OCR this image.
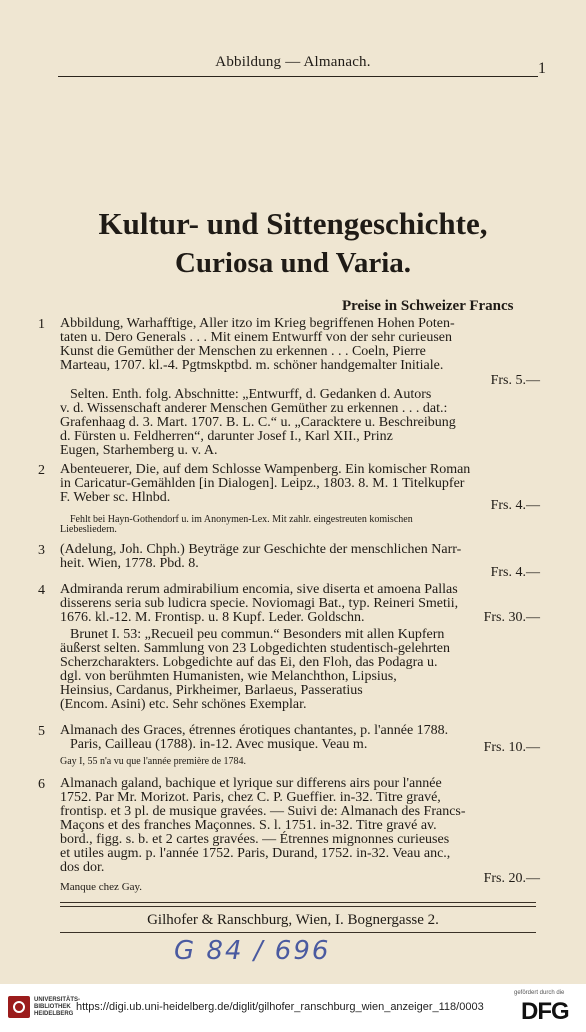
Abbildung — Almanach.	1
Kultur- und Sittengeschichte,
Curiosa und Varia.
Preise in Schweizer Francs
1 Abbildung, Warhafftige, Aller itzo im Krieg begriffenen Hohen Poten-
taten u. Dero Generals . . . Mit einem Entwurff von der sehr curieusen
Kunst die Gemüther der Menschen zu erkennen . . . Coeln, Pierre
Marteau, 1707. kl.-4. Pgtmskptbd. m. schöner handgemalter Initiale.
Frs. 5.—
Selten. Enth. folg. Abschnitte: „Entwurff, d. Gedanken d. Autors
v. d. Wissenschaft anderer Menschen Gemüther zu erkennen . . . dat.:
Grafenhaag d. 3. Mart. 1707. B. L. C.“ u. „Caracktere u. Beschreibung
d. Fürsten u. Feldherren“, darunter Josef I., Karl XII., Prinz
Eugen, Starhemberg u. v. A.
2 Abenteuerer, Die, auf dem Schlosse Wampenberg. Ein komischer Roman
in Caricatur-Gemählden [in Dialogen]. Leipz., 1803. 8. M. 1 Titelkupfer
F. Weber sc. Hlnbd.
Frs. 4.—
Fehlt bei Hayn-Gothendorf u. im Anonymen-Lex. Mit zahlr. eingestreuten komischen
Liebesliedern.
3 (Adelung, Joh. Chph.) Beyträge zur Geschichte der menschlichen Narr-
heit. Wien, 1778. Pbd. 8.
Frs. 4.—
4 Admiranda rerum admirabilium encomia, sive diserta et amoena Pallas
disserens seria sub ludicra specie. Noviomagi Bat., typ. Reineri Smetii,
1676. kl.-12. M. Frontisp. u. 8 Kupf. Leder. Goldschn.	Frs. 30.—
Brunet I. 53: „Recueil peu commun.“ Besonders mit allen Kupfern
äußerst selten. Sammlung von 23 Lobgedichten studentisch-gelehrten
Scherzcharakters. Lobgedichte auf das Ei, den Floh, das Podagra u.
dgl. von berühmten Humanisten, wie Melanchthon, Lipsius,
Heinsius, Cardanus, Pirkheimer, Barlaeus, Passeratius
(Encom. Asini) etc. Sehr schönes Exemplar.
5 Almanach des Graces, étrennes érotiques chantantes, p. l'année 1788.
Paris, Cailleau (1788). in-12. Avec musique. Veau m.	Frs. 10.—
Gay I, 55 n'a vu que l'année première de 1784.
6 Almanach galand, bachique et lyrique sur differens airs pour l'année
1752. Par Mr. Morizot. Paris, chez C. P. Gueffier. in-32. Titre gravé,
frontisp. et 3 pl. de musique gravées. — Suivi de: Almanach des Francs-
Maçons et des franches Maçonnes. S. l. 1751. in-32. Titre gravé av.
bord., figg. s. b. et 2 cartes gravées. — Étrennes mignonnes curieuses
et utiles augm. p. l'année 1752. Paris, Durand, 1752. in-32. Veau anc.,
dos dor.
Frs. 20.—
Manque chez Gay.
Gilhofer & Ranschburg, Wien, I. Bognergasse 2.
G 84 / 696
UNIVERSITÄTS-
BIBLIOTHEK
HEIDELBERG
https://digi.ub.uni-heidelberg.de/diglit/gilhofer_ranschburg_wien_anzeiger_118/0003
gefördert durch die
DFG
